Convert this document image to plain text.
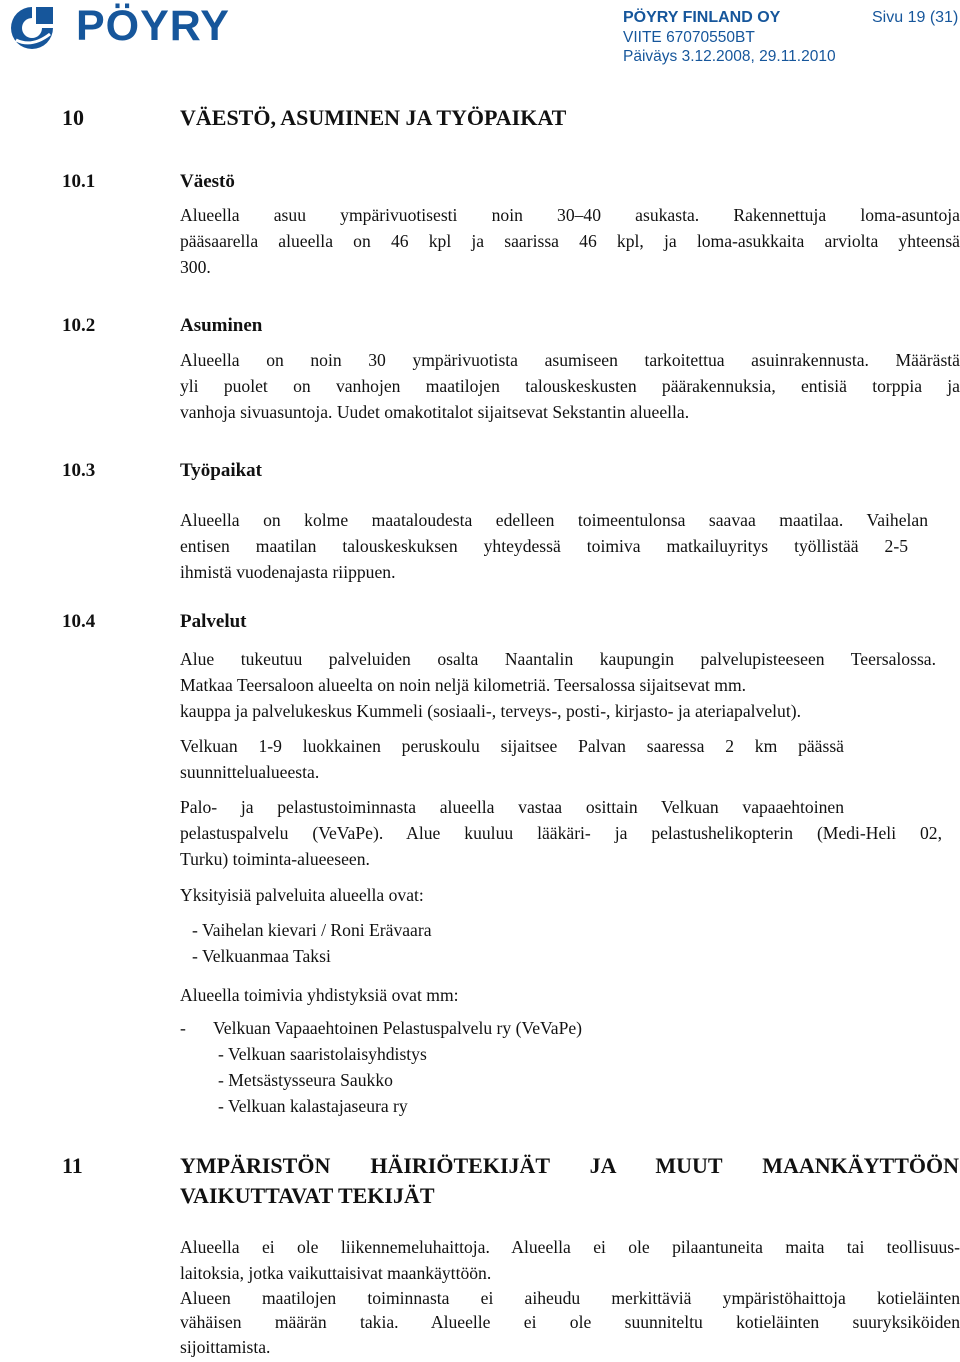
PÖYRY	PÖYRY FINLAND OY
VIITE 67070550BT
Päiväys 3.12.2008, 29.11.2010
Sivu 19 (31)
10	VÄESTÖ, ASUMINEN JA TYÖPAIKAT
10.1	Väestö
Alueella asuu ympärivuotisesti noin 30–40 asukasta. Rakennettuja loma-asuntoja
pääsaarella alueella on 46 kpl ja saarissa 46 kpl, ja loma-asukkaita arviolta yhteensä
300.
10.2	Asuminen
Alueella on noin 30 ympärivuotista asumiseen tarkoitettua asuinrakennusta. Määrästä
yli puolet on vanhojen maatilojen talouskeskusten päärakennuksia, entisiä torppia ja
vanhoja sivuasuntoja. Uudet omakotitalot sijaitsevat Sekstantin alueella.
10.3	Työpaikat
Alueella on kolme maataloudesta edelleen toimeentulonsa saavaa maatilaa. Vaihelan
entisen maatilan talouskeskuksen yhteydessä toimiva matkailuyritys työllistää 2-5
ihmistä vuodenajasta riippuen.
10.4	Palvelut
Alue tukeutuu palveluiden osalta Naantalin kaupungin palvelupisteeseen Teersalossa.
Matkaa Teersaloon alueelta on noin neljä kilometriä. Teersalossa sijaitsevat mm.
kauppa ja palvelukeskus Kummeli (sosiaali-, terveys-, posti-, kirjasto- ja ateriapalvelut).
Velkuan 1-9 luokkainen peruskoulu sijaitsee Palvan saaressa 2 km päässä
suunnittelualueesta.
Palo- ja pelastustoiminnasta alueella vastaa osittain Velkuan vapaaehtoinen
pelastuspalvelu (VeVaPe). Alue kuuluu lääkäri- ja pelastushelikopterin (Medi-Heli 02,
Turku) toiminta-alueeseen.
Yksityisiä palveluita alueella ovat:
- Vaihelan kievari / Roni Erävaara
- Velkuanmaa Taksi
Alueella toimivia yhdistyksiä ovat mm:
- Velkuan Vapaaehtoinen Pelastuspalvelu ry (VeVaPe)
- Velkuan saaristolaisyhdistys
- Metsästysseura Saukko
- Velkuan kalastajaseura ry
11	YMPÄRISTÖN HÄIRIÖTEKIJÄT JA MUUT MAANKÄYTTÖÖN
VAIKUTTAVAT TEKIJÄT
Alueella ei ole liikennemeluhaittoja. Alueella ei ole pilaantuneita maita tai teollisuus-
laitoksia, jotka vaikuttaisivat maankäyttöön.
Alueen maatilojen toiminnasta ei aiheudu merkittäviä ympäristöhaittoja kotieläinten
vähäisen määrän takia. Alueelle ei ole suunniteltu kotieläinten suuryksiköiden
sijoittamista.
